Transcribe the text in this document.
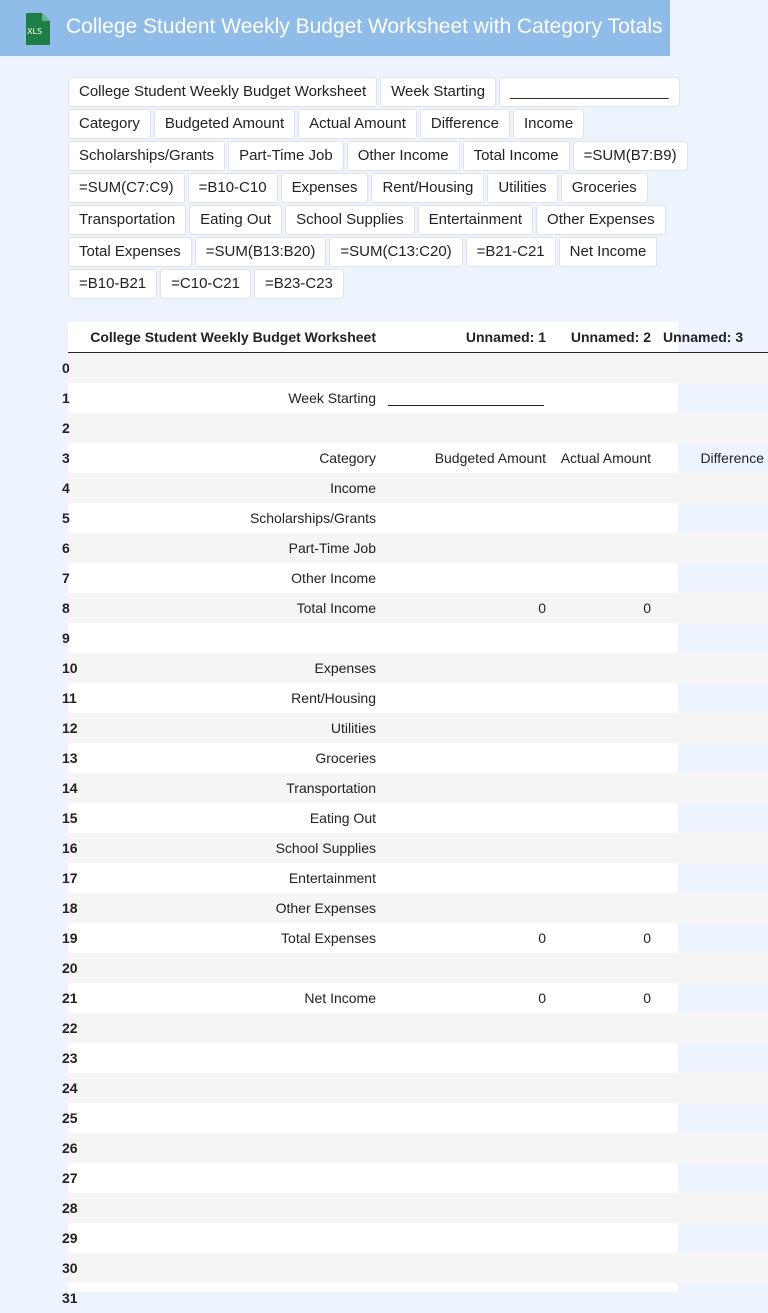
XLS College Student Weekly Budget Worksheet with Category Totals
College Student Weekly Budget Worksheet	Week Starting	___________________
Category	Budgeted Amount	Actual Amount	Difference	Income
Scholarships/Grants	Part-Time Job	Other Income	Total Income	=SUM(B7:B9)
=SUM(C7:C9)	=B10-C10	Expenses	Rent/Housing	Utilities	Groceries
Transportation	Eating Out	School Supplies	Entertainment	Other Expenses
Total Expenses	=SUM(B13:B20)	=SUM(C13:C20)	=B21-C21	Net Income
=B10-B21	=C10-C21	=B23-C23
	College Student Weekly Budget Worksheet	Unnamed: 1	Unnamed: 2	Unnamed: 3
0				
1	Week Starting			
2				
3	Category	Budgeted Amount	Actual Amount	Difference
4	Income			
5	Scholarships/Grants			
6	Part-Time Job			
7	Other Income			
8	Total Income	0	0	
9				
10	Expenses			
11	Rent/Housing			
12	Utilities			
13	Groceries			
14	Transportation			
15	Eating Out			
16	School Supplies			
17	Entertainment			
18	Other Expenses			
19	Total Expenses	0	0	
20				
21	Net Income	0	0	
22				
23				
24				
25				
26				
27				
28				
29				
30				
31				
